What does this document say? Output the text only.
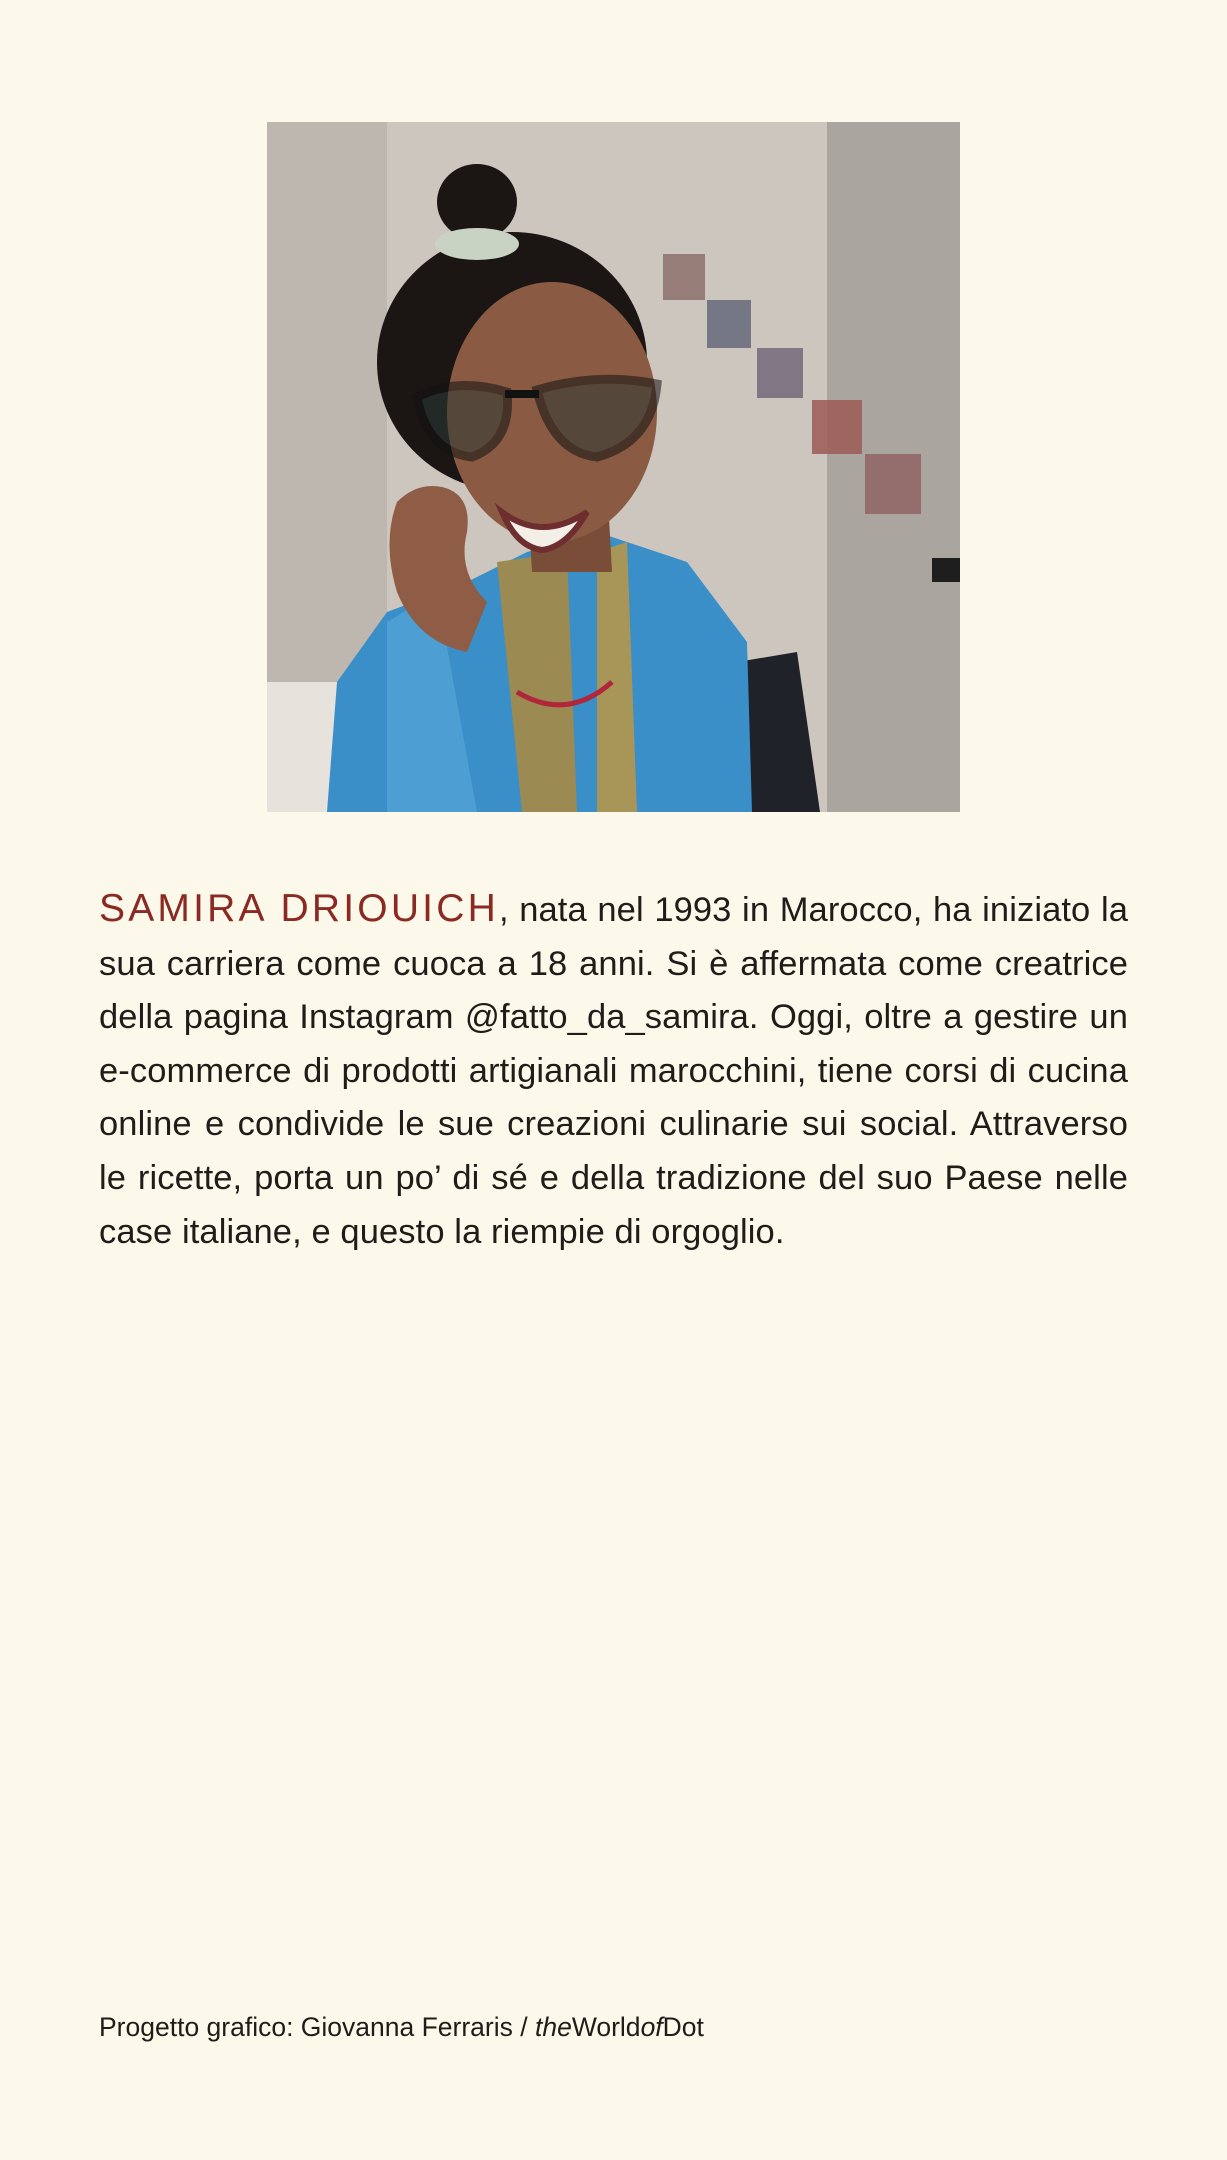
SAMIRA DRIOUICH, nata nel 1993 in Marocco, ha iniziato la sua carriera come cuoca a 18 anni. Si è affermata come creatrice della pagina Instagram @fatto_da_samira. Oggi, oltre a gestire un e-commerce di prodotti artigianali marocchini, tiene corsi di cucina online e condivide le sue creazioni culinarie sui social. Attraverso le ricette, porta un po’ di sé e della tradizione del suo Paese nelle case italiane, e questo la riempie di orgoglio.

Progetto grafico: Giovanna Ferraris / theWorldofDot
